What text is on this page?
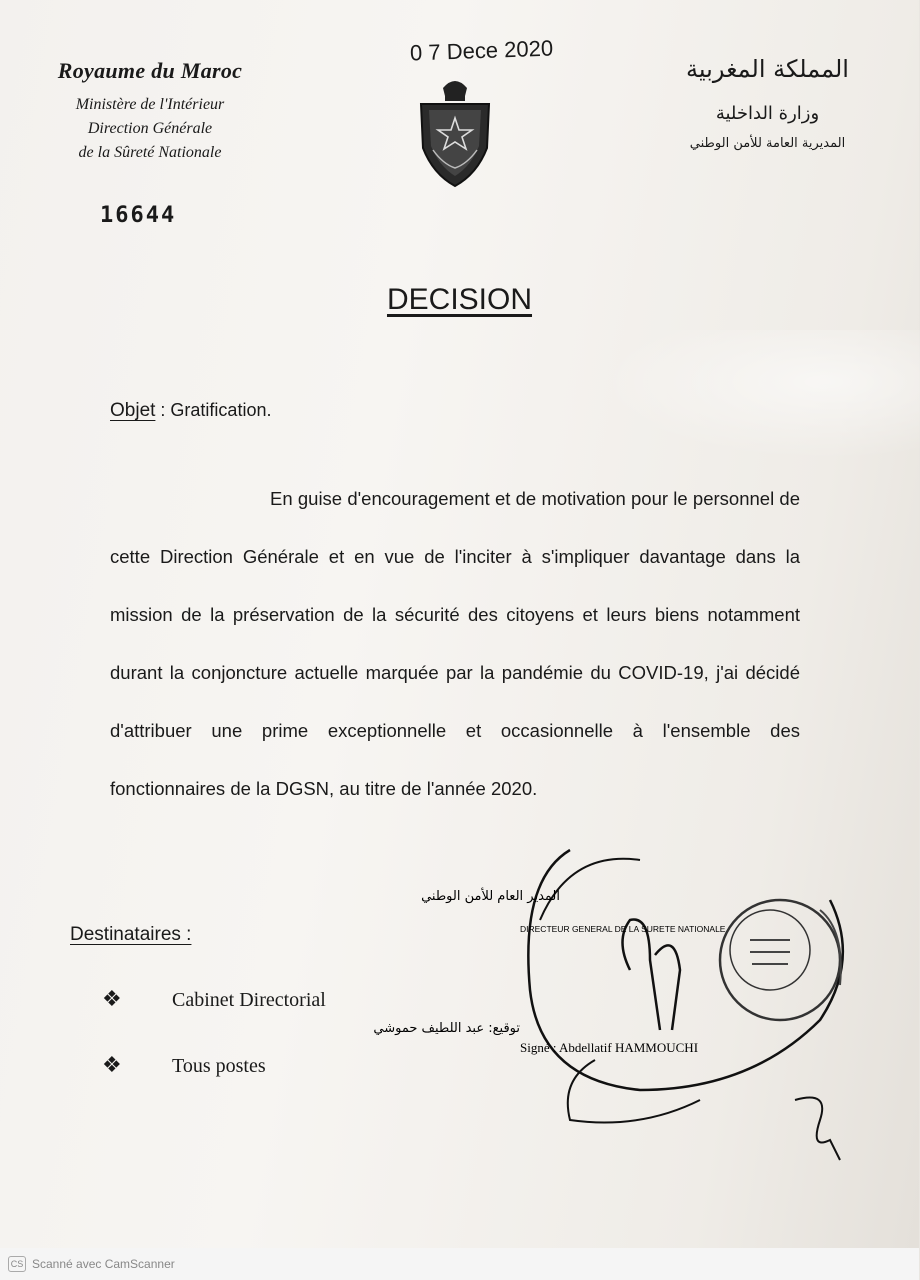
Royaume du Maroc
Ministère de l'Intérieur
Direction Générale
de la Sûreté Nationale
16644
0 7 Dece 2020
المملكة المغربية
وزارة الداخلية
المديرية العامة للأمن الوطني
DECISION
Objet : Gratification.
En guise d'encouragement et de motivation pour le personnel de cette Direction Générale et en vue de l'inciter à s'impliquer davantage dans la mission de la préservation de la sécurité des citoyens et leurs biens notamment durant la conjoncture actuelle marquée par la pandémie du COVID-19, j'ai décidé d'attribuer une prime exceptionnelle et occasionnelle à l'ensemble des fonctionnaires de la DGSN, au titre de l'année 2020.
Destinataires :
❖	Cabinet Directorial
❖	Tous postes
المدير العام للأمن الوطني
DIRECTEUR GENERAL DE LA SURETE NATIONALE
توقيع: عبد اللطيف حموشي
Signé : Abdellatif HAMMOUCHI
CS Scanné avec CamScanner
